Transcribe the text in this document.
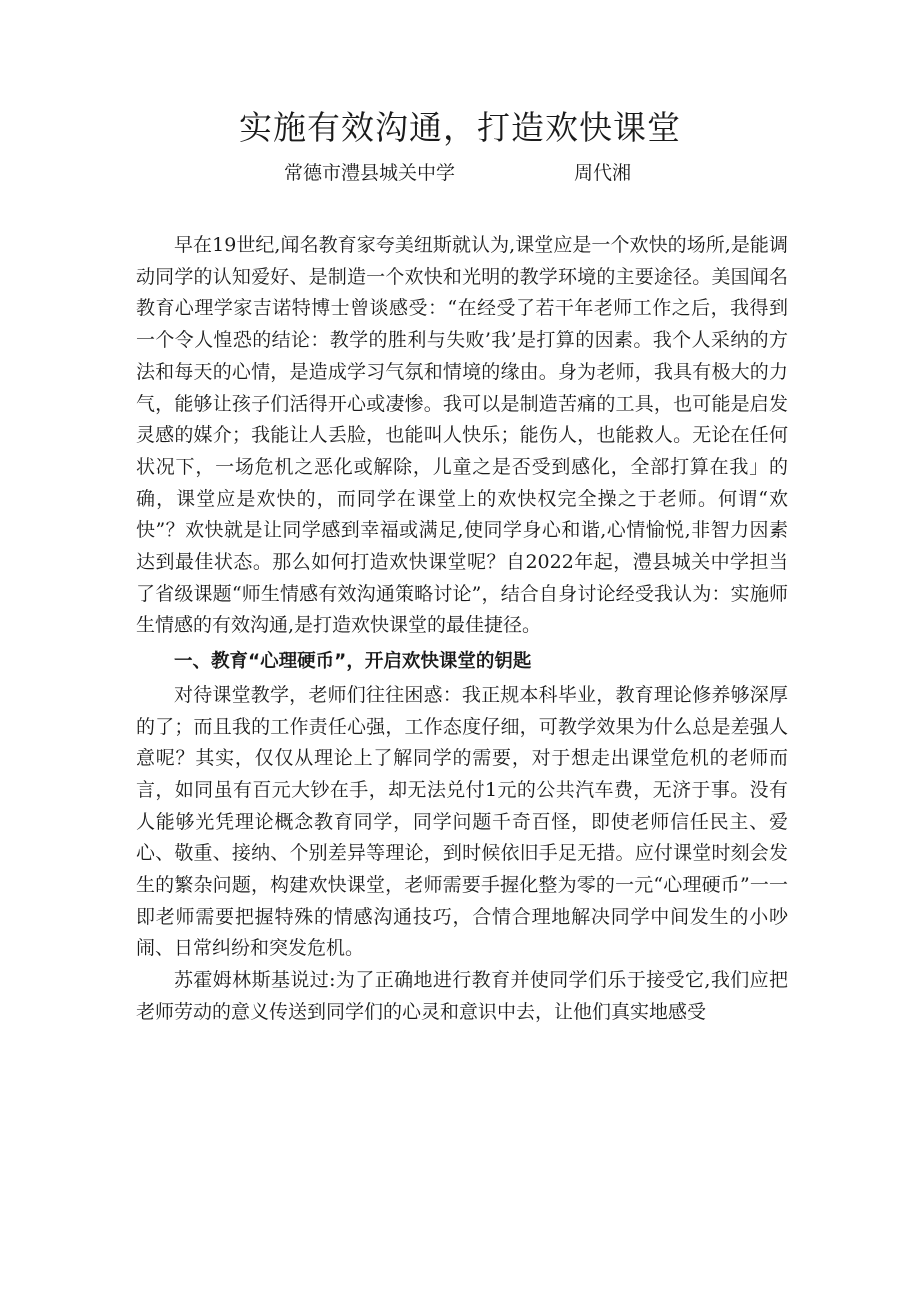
实施有效沟通，打造欢快课堂
常德市澧县城关中学	周代湘

早在19世纪,闻名教育家夸美纽斯就认为,课堂应是一个欢快的场所,是能调动同学的认知爱好、是制造一个欢快和光明的教学环境的主要途径。美国闻名教育心理学家吉诺特博士曾谈感受：“在经受了若干年老师工作之后，我得到一个令人惶恐的结论：教学的胜利与失败’我’是打算的因素。我个人采纳的方法和每天的心情，是造成学习气氛和情境的缘由。身为老师，我具有极大的力气，能够让孩子们活得开心或凄惨。我可以是制造苦痛的工具，也可能是启发灵感的媒介；我能让人丢脸，也能叫人快乐；能伤人，也能救人。无论在任何状况下，一场危机之恶化或解除，儿童之是否受到感化，全部打算在我」的确，课堂应是欢快的，而同学在课堂上的欢快权完全操之于老师。何谓“欢快”？欢快就是让同学感到幸福或满足,使同学身心和谐,心情愉悦,非智力因素达到最佳状态。那么如何打造欢快课堂呢？自2022年起，澧县城关中学担当了省级课题“师生情感有效沟通策略讨论”，结合自身讨论经受我认为：实施师生情感的有效沟通,是打造欢快课堂的最佳捷径。

一、教育“心理硬币”，开启欢快课堂的钥匙

对待课堂教学，老师们往往困惑：我正规本科毕业，教育理论修养够深厚的了；而且我的工作责任心强，工作态度仔细，可教学效果为什么总是差强人意呢？其实，仅仅从理论上了解同学的需要，对于想走出课堂危机的老师而言，如同虽有百元大钞在手，却无法兑付1元的公共汽车费，无济于事。没有人能够光凭理论概念教育同学，同学问题千奇百怪，即使老师信任民主、爱心、敬重、接纳、个别差异等理论，到时候依旧手足无措。应付课堂时刻会发生的繁杂问题，构建欢快课堂，老师需要手握化整为零的一元“心理硬币”一一即老师需要把握特殊的情感沟通技巧，合情合理地解决同学中间发生的小吵闹、日常纠纷和突发危机。

苏霍姆林斯基说过:为了正确地进行教育并使同学们乐于接受它,我们应把老师劳动的意义传送到同学们的心灵和意识中去，让他们真实地感受
